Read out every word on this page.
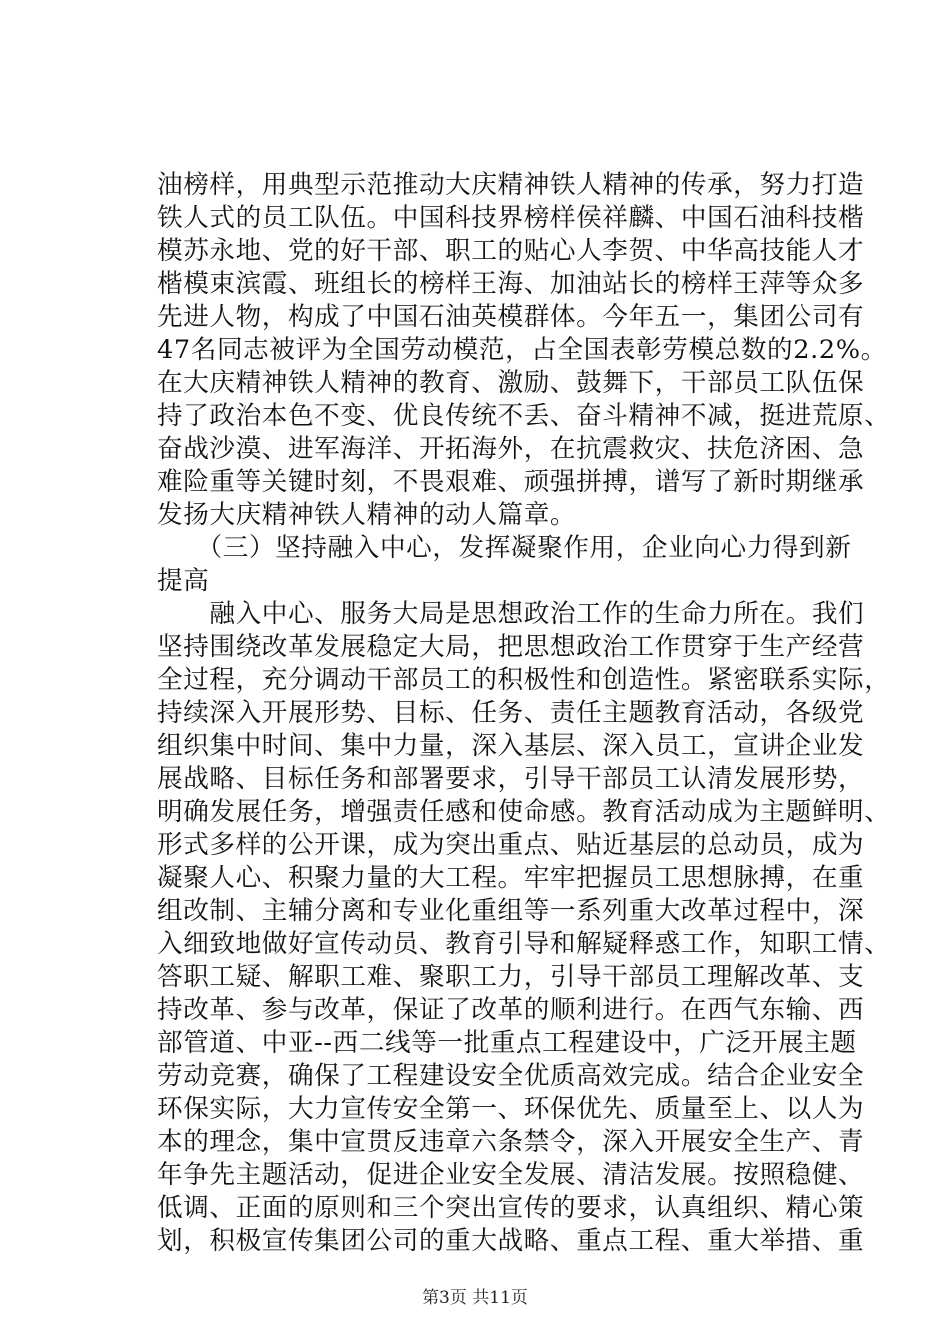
油榜样，用典型示范推动大庆精神铁人精神的传承，努力打造
铁人式的员工队伍。中国科技界榜样侯祥麟、中国石油科技楷
模苏永地、党的好干部、职工的贴心人李贺、中华高技能人才
楷模束滨霞、班组长的榜样王海、加油站长的榜样王萍等众多
先进人物，构成了中国石油英模群体。今年五一，集团公司有
47名同志被评为全国劳动模范，占全国表彰劳模总数的2.2%。
在大庆精神铁人精神的教育、激励、鼓舞下，干部员工队伍保
持了政治本色不变、优良传统不丢、奋斗精神不减，挺进荒原、
奋战沙漠、进军海洋、开拓海外，在抗震救灾、扶危济困、急
难险重等关键时刻，不畏艰难、顽强拼搏，谱写了新时期继承
发扬大庆精神铁人精神的动人篇章。
　　（三）坚持融入中心，发挥凝聚作用，企业向心力得到新
提高
　　融入中心、服务大局是思想政治工作的生命力所在。我们
坚持围绕改革发展稳定大局，把思想政治工作贯穿于生产经营
全过程，充分调动干部员工的积极性和创造性。紧密联系实际，
持续深入开展形势、目标、任务、责任主题教育活动，各级党
组织集中时间、集中力量，深入基层、深入员工，宣讲企业发
展战略、目标任务和部署要求，引导干部员工认清发展形势，
明确发展任务，增强责任感和使命感。教育活动成为主题鲜明、
形式多样的公开课，成为突出重点、贴近基层的总动员，成为
凝聚人心、积聚力量的大工程。牢牢把握员工思想脉搏，在重
组改制、主辅分离和专业化重组等一系列重大改革过程中，深
入细致地做好宣传动员、教育引导和解疑释惑工作，知职工情、
答职工疑、解职工难、聚职工力，引导干部员工理解改革、支
持改革、参与改革，保证了改革的顺利进行。在西气东输、西
部管道、中亚--西二线等一批重点工程建设中，广泛开展主题
劳动竞赛，确保了工程建设安全优质高效完成。结合企业安全
环保实际，大力宣传安全第一、环保优先、质量至上、以人为
本的理念，集中宣贯反违章六条禁令，深入开展安全生产、青
年争先主题活动，促进企业安全发展、清洁发展。按照稳健、
低调、正面的原则和三个突出宣传的要求，认真组织、精心策
划，积极宣传集团公司的重大战略、重点工程、重大举措、重
第3页 共11页
